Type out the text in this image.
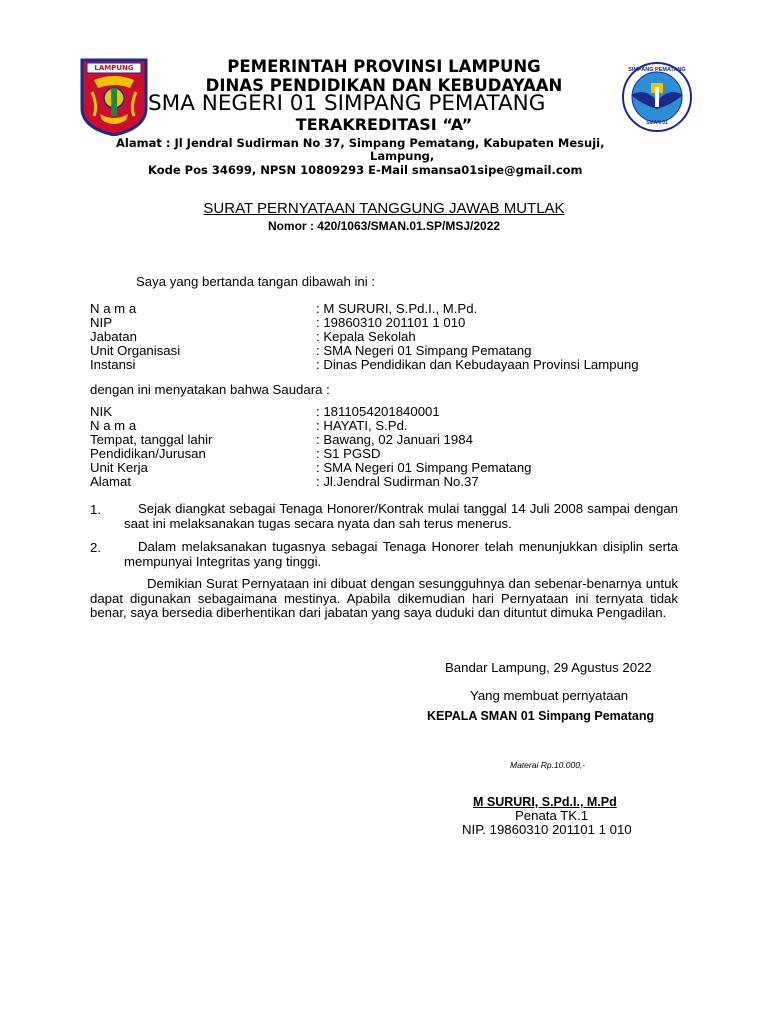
LAMPUNG	SIMPANG PEMATANG
SMAN 01
PEMERINTAH PROVINSI LAMPUNG
DINAS PENDIDIKAN DAN KEBUDAYAAN
SMA NEGERI 01 SIMPANG PEMATANG
TERAKREDITASI “A”
Alamat : Jl Jendral Sudirman No 37, Simpang Pematang, Kabupaten Mesuji,
Lampung,
Kode Pos 34699, NPSN 10809293 E-Mail smansa01sipe@gmail.com
SURAT PERNYATAAN TANGGUNG JAWAB MUTLAK
Nomor : 420/1063/SMAN.01.SP/MSJ/2022
Saya yang bertanda tangan dibawah ini :
N a m a	: M SURURI, S.Pd.I., M.Pd.
NIP	: 19860310 201101 1 010
Jabatan	: Kepala Sekolah
Unit Organisasi	: SMA Negeri 01 Simpang Pematang
Instansi	: Dinas Pendidikan dan Kebudayaan Provinsi Lampung
dengan ini menyatakan bahwa Saudara :
NIK	: 1811054201840001
N a m a	: HAYATI, S.Pd.
Tempat, tanggal lahir	: Bawang, 02 Januari 1984
Pendidikan/Jurusan	: S1 PGSD
Unit Kerja	: SMA Negeri 01 Simpang Pematang
Alamat	: Jl.Jendral Sudirman No.37
1.	Sejak diangkat sebagai Tenaga Honorer/Kontrak mulai tanggal 14 Juli 2008 sampai dengan saat ini melaksanakan tugas secara nyata dan sah terus menerus.
2.	Dalam melaksanakan tugasnya sebagai Tenaga Honorer telah menunjukkan disiplin serta mempunyai Integritas yang tinggi.
Demikian Surat Pernyataan ini dibuat dengan sesungguhnya dan sebenar-benarnya untuk dapat digunakan sebagaimana mestinya. Apabila dikemudian hari Pernyataan ini ternyata tidak benar, saya bersedia diberhentikan dari jabatan yang saya duduki dan dituntut dimuka Pengadilan.
Bandar Lampung, 29 Agustus 2022
Yang membuat pernyataan
KEPALA SMAN 01 Simpang Pematang
Materai Rp.10.000,-
M SURURI, S.Pd.I., M.Pd
Penata TK.1
NIP. 19860310 201101 1 010
